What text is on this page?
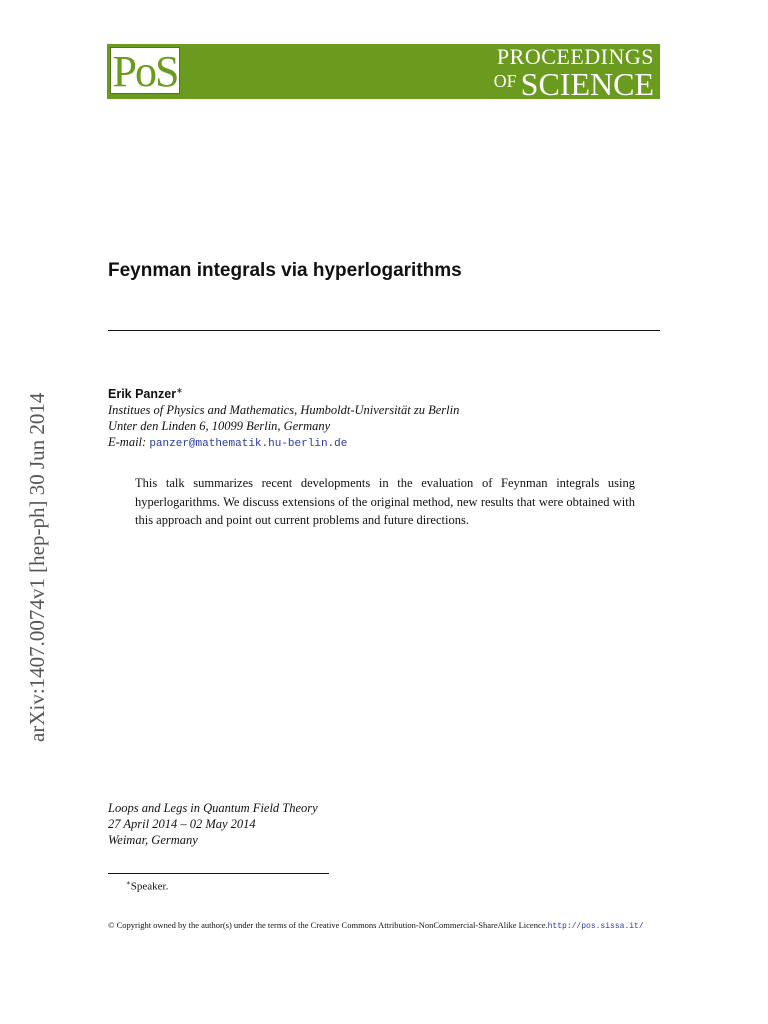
PoS	PROCEEDINGS
$^{OF}$ SCIENCE
arXiv:1407.0074v1 [hep-ph] 30 Jun 2014
Feynman integrals via hyperlogarithms
Erik Panzer∗
Institues of Physics and Mathematics, Humboldt-Universität zu Berlin
Unter den Linden 6, 10099 Berlin, Germany
E-mail: panzer@mathematik.hu-berlin.de
This talk summarizes recent developments in the evaluation of Feynman integrals using hyperlogarithms. We discuss extensions of the original method, new results that were obtained with this approach and point out current problems and future directions.
Loops and Legs in Quantum Field Theory
27 April 2014 – 02 May 2014
Weimar, Germany
∗Speaker.
© Copyright owned by the author(s) under the terms of the Creative Commons Attribution-NonCommercial-ShareAlike Licence.http://pos.sissa.it/
